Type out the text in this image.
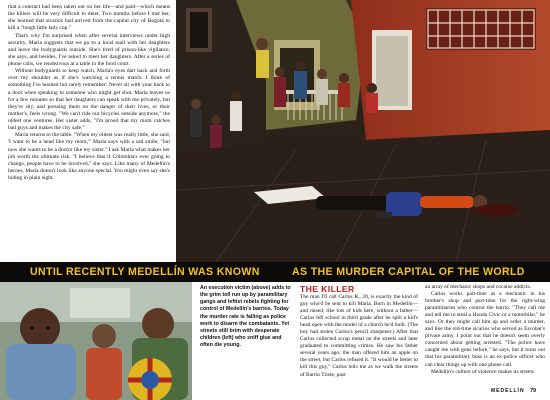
that a contract had been taken out on her life—and paid—which means the killers will be very difficult to deter. Two months before I met her, she learned that sicarios had arrived from the capital city of Bogotá to kill a "tough little lady cop."

That's why I'm surprised when after several interviews under high security, María suggests that we go to a local mall with her daughters and leave the bodyguards outside. She's tired of prison-like vigilance, she says, and besides, I've asked to meet her daughters. After a series of phone calls, we rendezvous at a table in the food court.

Without bodyguards to keep watch, María's eyes dart back and forth over my shoulder as if she's watching a tennis match. I think of something I've learned but rarely remember: Never sit with your back to a door when speaking to someone who might get shot. María leaves us for a few minutes so that her daughters can speak with me privately, but they're shy, and pressing them on the danger of their lives, or their mother's, feels wrong. "We can't ride our bicycles outside anymore," the oldest one ventures. Her sister adds, "I'm proud that my mom catches bad guys and makes the city safe."

María returns to the table. "When my oldest was really little, she said, 'I want to be a head like my mom,'" María says with a sad smile, "but now she wants to be a doctor like my sister." I ask María what makes her job worth the ultimate risk. "I believe that if Colombia's ever going to change, people have to be involved," she says. Like many of Medellín's heroes, María doesn't look like anyone special. You might even say she's hiding in plain sight.

UNTIL RECENTLY MEDELLÍN WAS KNOWN	AS THE MURDER CAPITAL OF THE WORLD

An execution victim (above) adds to the grim toll run up by paramilitary gangs and leftist rebels fighting for control of Medellín's barrios. Today the murder rate is falling as police work to disarm the combatants. Yet streets still brim with desperate children (left) who sniff glue and often die young.

THE KILLER

The man I'll call Carlos R., 20, is exactly the kind of guy who'd be sent to kill María. Born in Medellín—and raised, like lots of kids here, without a father—Carlos left school in third grade after he split a kid's head open with the model of a church he'd built. (The boy had stolen Carlos's pencil sharpener.) After that Carlos collected scrap metal on the streets and later graduated to committing crimes. He saw his father several years ago; the man offered him an apple on the street, but Carlos refused it. "It would be better to kill this guy," Carlos tells me as we walk the streets of Barrio Triste, past

an array of mechanic shops and cocaine addicts.

Carlos works part-time as a mechanic in his brother's shop and part-time for the right-wing paramilitaries who control the barrio. "They call me and tell me to steal a Honda Civic or a motorbike," he says. Or they might call him up and order a murder, and like the old-time sicarios who served as Escobar's private army. I point out that he doesn't seem overly concerned about getting arrested. "The police have caught me with guns before," he says, but it turns out that his paramilitary boss is an ex-police officer who can clear things up with one phone call.

Medellín's culture of violence makes its streets

MEDELLÍN 79
